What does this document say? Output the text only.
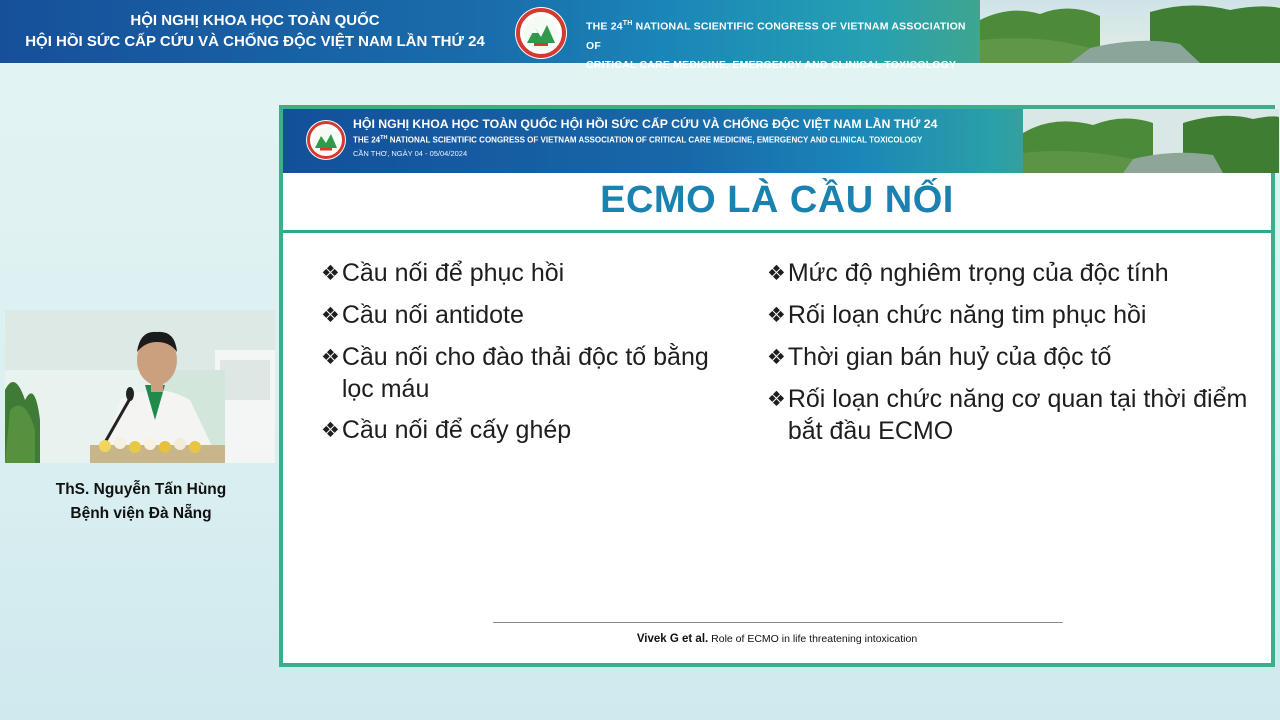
HỘI NGHỊ KHOA HỌC TOÀN QUỐC
HỘI HỒI SỨC CẤP CỨU VÀ CHỐNG ĐỘC VIỆT NAM LẦN THỨ 24
THE 24TH NATIONAL SCIENTIFIC CONGRESS OF VIETNAM ASSOCIATION OF
CRITICAL CARE MEDICINE, EMERGENCY AND CLINICAL TOXICOLOGY
ThS. Nguyễn Tấn Hùng
Bệnh viện Đà Nẵng
HỘI NGHỊ KHOA HỌC TOÀN QUỐC HỘI HỒI SỨC CẤP CỨU VÀ CHỐNG ĐỘC VIỆT NAM LẦN THỨ 24
THE 24TH NATIONAL SCIENTIFIC CONGRESS OF VIETNAM ASSOCIATION OF CRITICAL CARE MEDICINE, EMERGENCY AND CLINICAL TOXICOLOGY
CẦN THƠ, NGÀY 04 - 05/04/2024
ECMO LÀ CẦU NỐI
❖ Cầu nối để phục hồi
❖ Cầu nối antidote
❖ Cầu nối cho đào thải độc tố bằng lọc máu
❖ Cầu nối để cấy ghép
❖ Mức độ nghiêm trọng của độc tính
❖ Rối loạn chức năng tim phục hồi
❖ Thời gian bán huỷ của độc tố
❖ Rối loạn chức năng cơ quan tại thời điểm bắt đầu ECMO
Vivek G et al. Role of ECMO in life threatening intoxication
